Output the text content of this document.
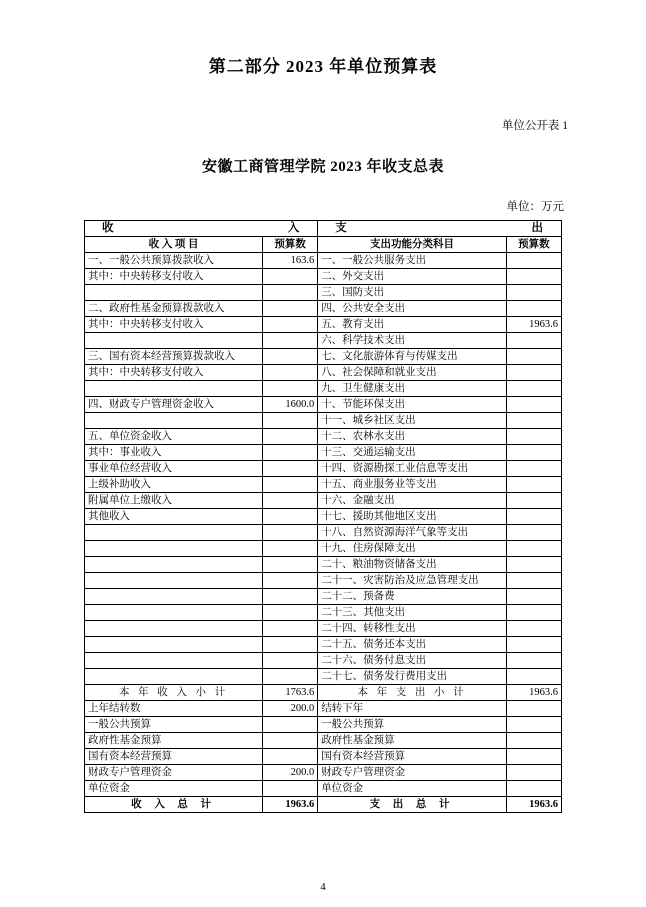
第二部分 2023 年单位预算表
单位公开表 1
安徽工商管理学院 2023 年收支总表
单位：万元
收 入		支 出	

收 入 项 目	预算数	支出功能分类科目	预算数
一、一般公共预算拨款收入	163.6	一、一般公共服务支出	
其中：中央转移支付收入		二、外交支出	
		三、国防支出	
二、政府性基金预算拨款收入		四、公共安全支出	
其中：中央转移支付收入		五、教育支出	1963.6
		六、科学技术支出	
三、国有资本经营预算拨款收入		七、文化旅游体育与传媒支出	
其中：中央转移支付收入		八、社会保障和就业支出	
		九、卫生健康支出	
四、财政专户管理资金收入	1600.0	十、节能环保支出	
		十一、城乡社区支出	
五、单位资金收入		十二、农林水支出	
其中：事业收入		十三、交通运输支出	
事业单位经营收入		十四、资源勘探工业信息等支出	
上级补助收入		十五、商业服务业等支出	
附属单位上缴收入		十六、金融支出	
其他收入		十七、援助其他地区支出	
		十八、自然资源海洋气象等支出	
		十九、住房保障支出	
		二十、粮油物资储备支出	
		二十一、灾害防治及应急管理支出	
		二十二、预备费	
		二十三、其他支出	
		二十四、转移性支出	
		二十五、债务还本支出	
		二十六、债务付息支出	
		二十七、债务发行费用支出	
本 年 收 入 小 计	1763.6	本 年 支 出 小 计	1963.6
上年结转数	200.0	结转下年	
一般公共预算		一般公共预算	
政府性基金预算		政府性基金预算	
国有资本经营预算		国有资本经营预算	
财政专户管理资金	200.0	财政专户管理资金	
单位资金		单位资金	
收 入 总 计	1963.6	支 出 总 计	1963.6
4
